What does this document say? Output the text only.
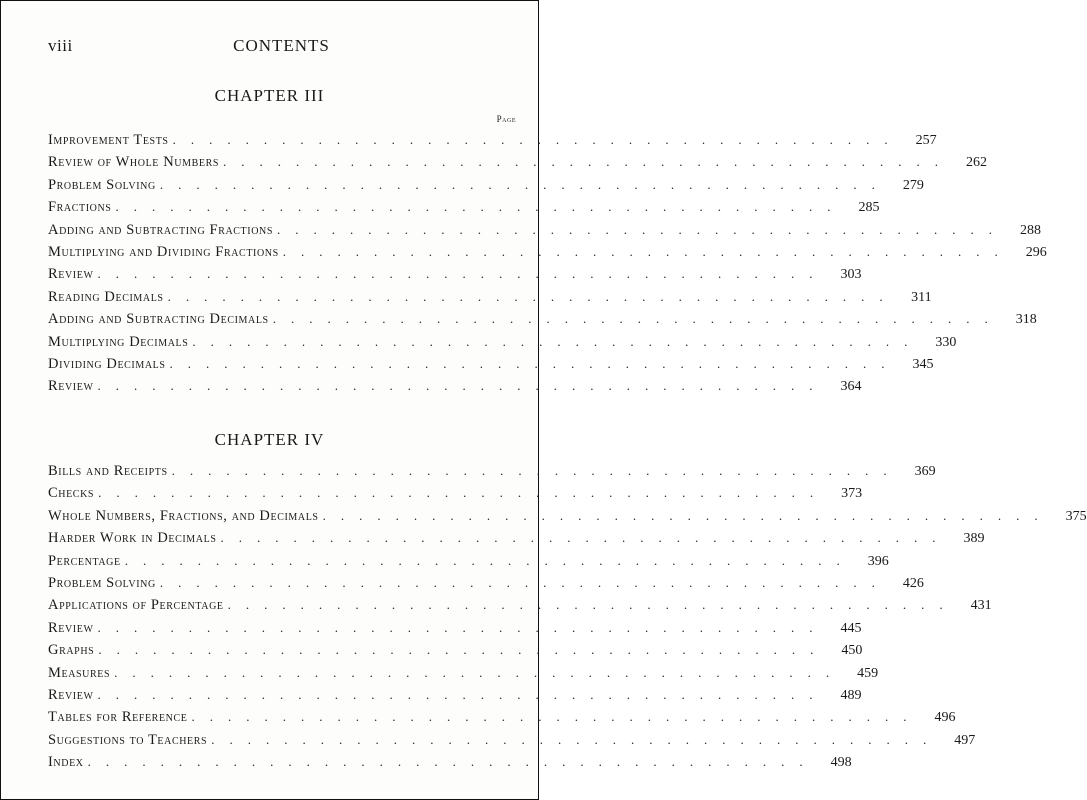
viii	CONTENTS
CHAPTER III
Page
Improvement Tests ........................................ 257
Review of Whole Numbers ........................................ 262
Problem Solving ........................................ 279
Fractions ........................................ 285
Adding and Subtracting Fractions ........................................ 288
Multiplying and Dividing Fractions ........................................ 296
Review ........................................ 303
Reading Decimals ........................................ 311
Adding and Subtracting Decimals ........................................ 318
Multiplying Decimals ........................................ 330
Dividing Decimals ........................................ 345
Review ........................................ 364
CHAPTER IV
Bills and Receipts ........................................ 369
Checks ........................................ 373
Whole Numbers, Fractions, and Decimals ........................................ 375
Harder Work in Decimals ........................................ 389
Percentage ........................................ 396
Problem Solving ........................................ 426
Applications of Percentage ........................................ 431
Review ........................................ 445
Graphs ........................................ 450
Measures ........................................ 459
Review ........................................ 489
Tables for Reference ........................................ 496
Suggestions to Teachers ........................................ 497
Index ........................................ 498
